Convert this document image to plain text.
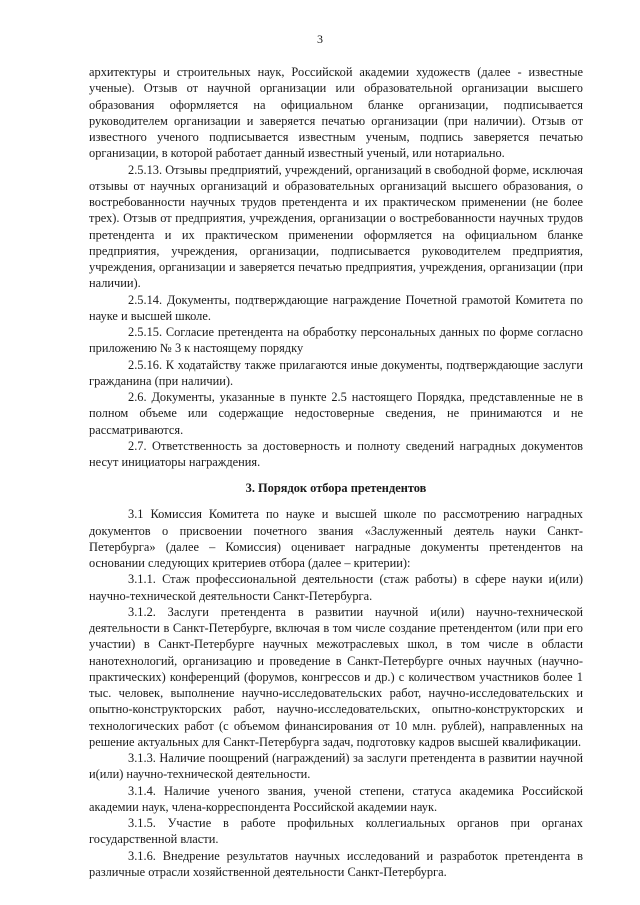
3

архитектуры и строительных наук, Российской академии художеств (далее - известные ученые). Отзыв от научной организации или образовательной организации высшего образования оформляется на официальном бланке организации, подписывается руководителем организации и заверяется печатью организации (при наличии). Отзыв от известного ученого подписывается известным ученым, подпись заверяется печатью организации, в которой работает данный известный ученый, или нотариально.

2.5.13. Отзывы предприятий, учреждений, организаций в свободной форме, исключая отзывы от научных организаций и образовательных организаций высшего образования, о востребованности научных трудов претендента и их практическом применении (не более трех). Отзыв от предприятия, учреждения, организации о востребованности научных трудов претендента и их практическом применении оформляется на официальном бланке предприятия, учреждения, организации, подписывается руководителем предприятия, учреждения, организации и заверяется печатью предприятия, учреждения, организации (при наличии).

2.5.14. Документы, подтверждающие награждение Почетной грамотой Комитета по науке и высшей школе.

2.5.15. Согласие претендента на обработку персональных данных по форме согласно приложению № 3 к настоящему порядку

2.5.16. К ходатайству также прилагаются иные документы, подтверждающие заслуги гражданина (при наличии).

2.6. Документы, указанные в пункте 2.5 настоящего Порядка, представленные не в полном объеме или содержащие недостоверные сведения, не принимаются и не рассматриваются.

2.7. Ответственность за достоверность и полноту сведений наградных документов несут инициаторы награждения.

3. Порядок отбора претендентов

3.1 Комиссия Комитета по науке и высшей школе по рассмотрению наградных документов о присвоении почетного звания «Заслуженный деятель науки Санкт-Петербурга» (далее – Комиссия) оценивает наградные документы претендентов на основании следующих критериев отбора (далее – критерии):

3.1.1. Стаж профессиональной деятельности (стаж работы) в сфере науки и(или) научно-технической деятельности Санкт-Петербурга.

3.1.2. Заслуги претендента в развитии научной и(или) научно-технической деятельности в Санкт-Петербурге, включая в том числе создание претендентом (или при его участии) в Санкт-Петербурге научных межотраслевых школ, в том числе в области нанотехнологий, организацию и проведение в Санкт-Петербурге очных научных (научно-практических) конференций (форумов, конгрессов и др.) с количеством участников более 1 тыс. человек, выполнение научно-исследовательских работ, научно-исследовательских и опытно-конструкторских работ, научно-исследовательских, опытно-конструкторских и технологических работ (с объемом финансирования от 10 млн. рублей), направленных на решение актуальных для Санкт-Петербурга задач, подготовку кадров высшей квалификации.

3.1.3. Наличие поощрений (награждений) за заслуги претендента в развитии научной и(или) научно-технической деятельности.

3.1.4. Наличие ученого звания, ученой степени, статуса академика Российской академии наук, члена-корреспондента Российской академии наук.

3.1.5. Участие в работе профильных коллегиальных органов при органах государственной власти.

3.1.6. Внедрение результатов научных исследований и разработок претендента в различные отрасли хозяйственной деятельности Санкт-Петербурга.
